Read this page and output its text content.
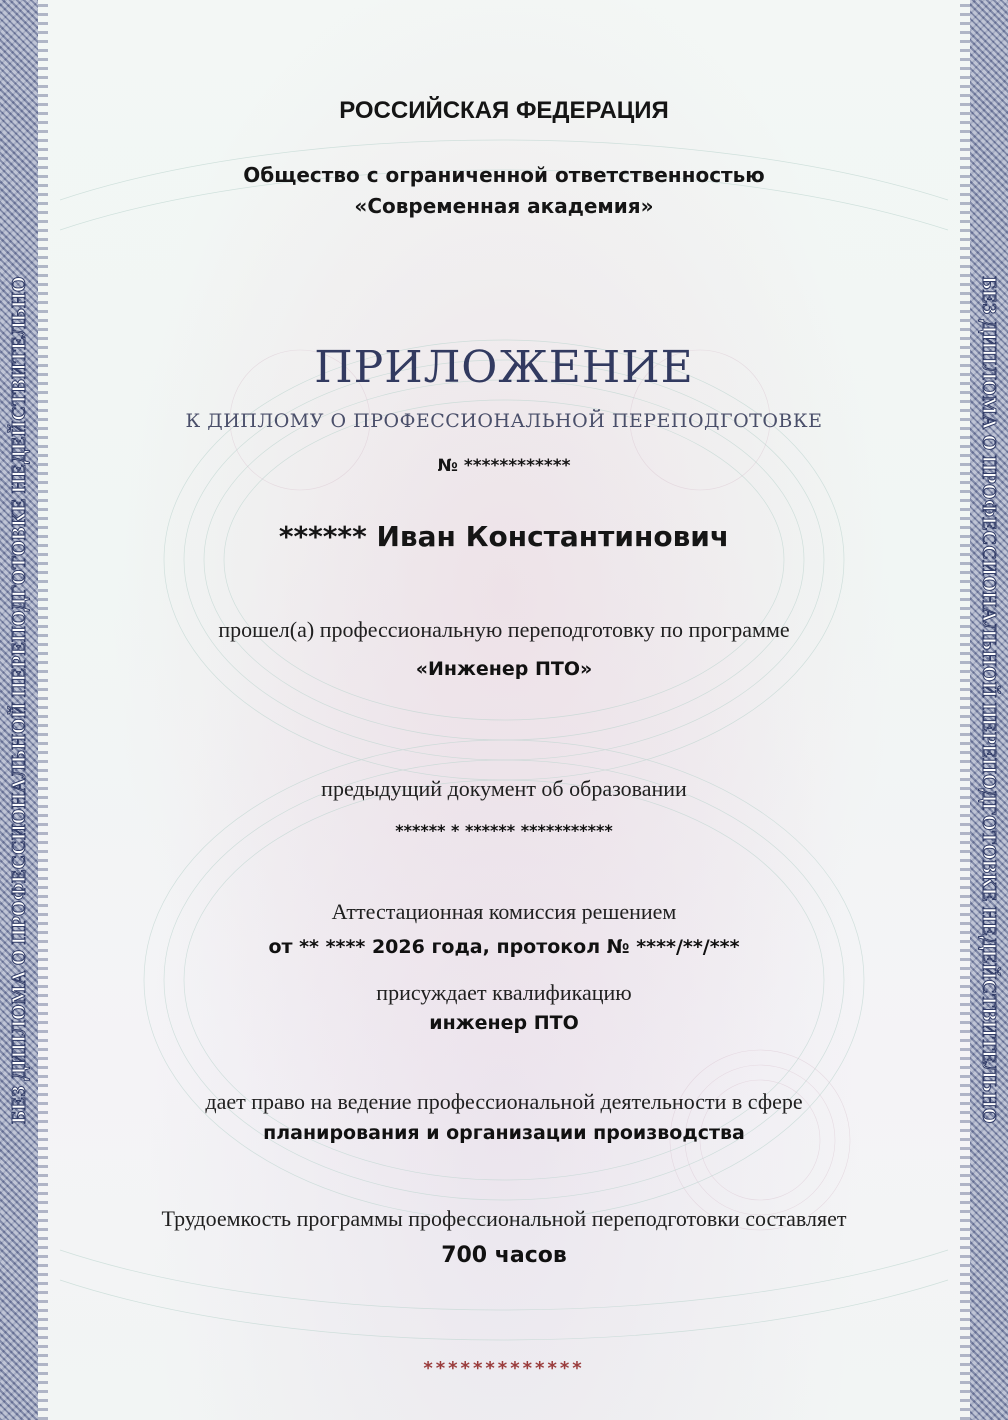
БЕЗ ДИПЛОМА О ПРОФЕССИОНАЛЬНОЙ ПЕРЕПОДГОТОВКЕ НЕДЕЙСТВИТЕЛЬНО	БЕЗ ДИПЛОМА О ПРОФЕССИОНАЛЬНОЙ ПЕРЕПОДГОТОВКЕ НЕДЕЙСТВИТЕЛЬНО
РОССИЙСКАЯ ФЕДЕРАЦИЯ
Общество с ограниченной ответственностью
«Современная академия»
ПРИЛОЖЕНИЕ
К ДИПЛОМУ О ПРОФЕССИОНАЛЬНОЙ ПЕРЕПОДГОТОВКЕ
№ ************
****** Иван Константинович
прошел(а) профессиональную переподготовку по программе
«Инженер ПТО»
предыдущий документ об образовании
****** * ****** ***********
Аттестационная комиссия решением
от ** **** 2026 года, протокол № ****/**/***
присуждает квалификацию
инженер ПТО
дает право на ведение профессиональной деятельности в сфере
планирования и организации производства
Трудоемкость программы профессиональной переподготовки составляет
700 часов
*************
